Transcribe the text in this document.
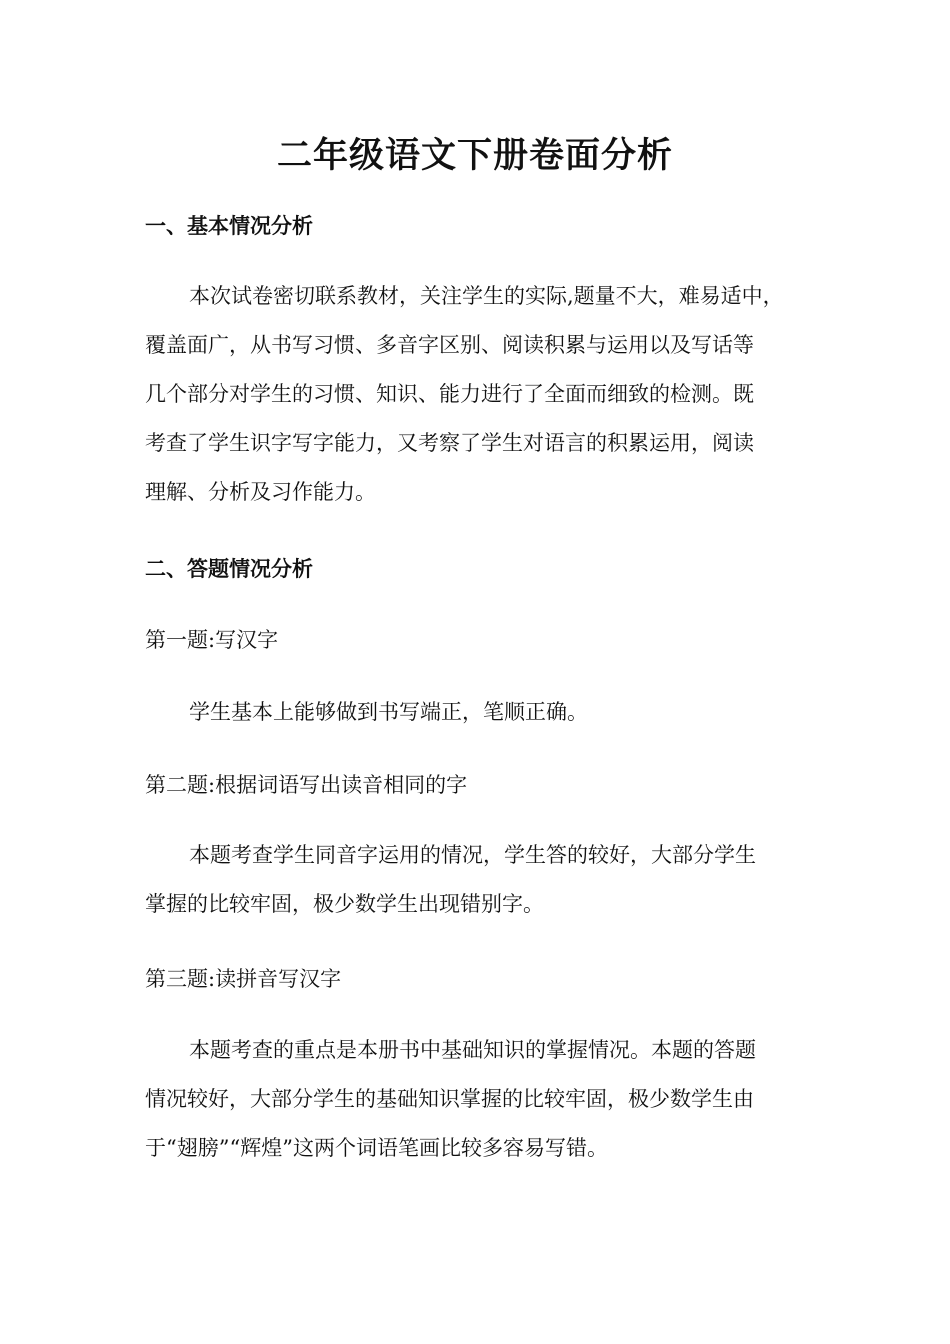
二年级语文下册卷面分析
一、基本情况分析
本次试卷密切联系教材，关注学生的实际,题量不大，难易适中，
覆盖面广，从书写习惯、多音字区别、阅读积累与运用以及写话等
几个部分对学生的习惯、知识、能力进行了全面而细致的检测。既
考查了学生识字写字能力，又考察了学生对语言的积累运用，阅读
理解、分析及习作能力。
二、答题情况分析

第一题:写汉字

学生基本上能够做到书写端正，笔顺正确。

第二题:根据词语写出读音相同的字

本题考查学生同音字运用的情况，学生答的较好，大部分学生
掌握的比较牢固，极少数学生出现错别字。

第三题:读拼音写汉字

本题考查的重点是本册书中基础知识的掌握情况。本题的答题
情况较好，大部分学生的基础知识掌握的比较牢固，极少数学生由
于“翅膀”“辉煌”这两个词语笔画比较多容易写错。
